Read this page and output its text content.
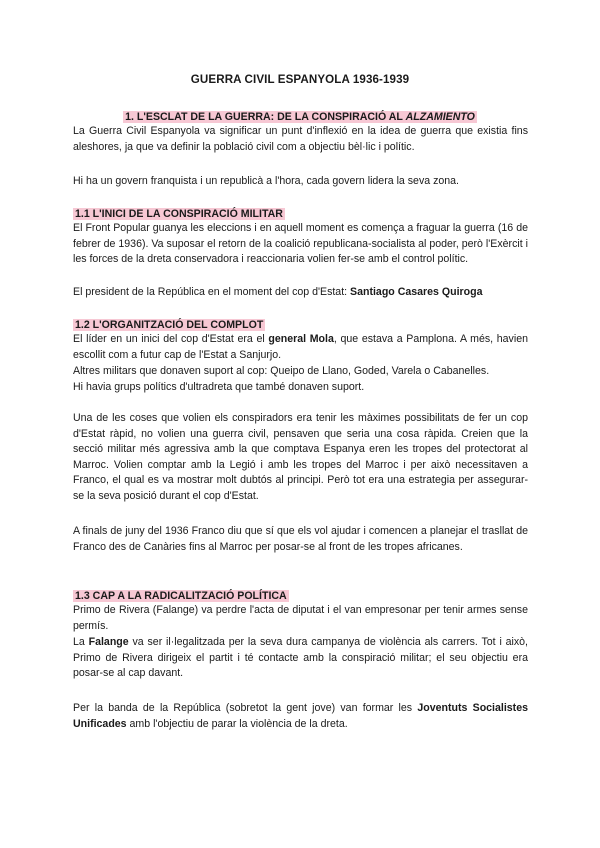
GUERRA CIVIL ESPANYOLA 1936-1939
1. L'ESCLAT DE LA GUERRA: DE LA CONSPIRACIÓ AL ALZAMIENTO

La Guerra Civil Espanyola va significar un punt d'inflexió en la idea de guerra que existia fins aleshores, ja que va definir la població civil com a objectiu bèl·lic i polític.

Hi ha un govern franquista i un republicà a l'hora, cada govern lidera la seva zona.

1.1 L'INICI DE LA CONSPIRACIÓ MILITAR

El Front Popular guanya les eleccions i en aquell moment es comença a fraguar la guerra (16 de febrer de 1936). Va suposar el retorn de la coalició republicana-socialista al poder, però l'Exèrcit i les forces de la dreta conservadora i reaccionaria volien fer-se amb el control polític.

El president de la República en el moment del cop d'Estat: Santiago Casares Quiroga

1.2 L'ORGANITZACIÓ DEL COMPLOT

El líder en un inici del cop d'Estat era el general Mola, que estava a Pamplona. A més, havien escollit com a futur cap de l'Estat a Sanjurjo.

Altres militars que donaven suport al cop: Queipo de Llano, Goded, Varela o Cabanelles.

Hi havia grups polítics d'ultradreta que també donaven suport.

Una de les coses que volien els conspiradors era tenir les màximes possibilitats de fer un cop d'Estat ràpid, no volien una guerra civil, pensaven que seria una cosa ràpida. Creien que la secció militar més agressiva amb la que comptava Espanya eren les tropes del protectorat al Marroc. Volien comptar amb la Legió i amb les tropes del Marroc i per això necessitaven a Franco, el qual es va mostrar molt dubtós al principi. Però tot era una estrategia per assegurar-se la seva posició durant el cop d'Estat.

A finals de juny del 1936 Franco diu que sí que els vol ajudar i comencen a planejar el trasllat de Franco des de Canàries fins al Marroc per posar-se al front de les tropes africanes.

1.3 CAP A LA RADICALITZACIÓ POLÍTICA

Primo de Rivera (Falange) va perdre l'acta de diputat i el van empresonar per tenir armes sense permís.

La Falange va ser il·legalitzada per la seva dura campanya de violència als carrers. Tot i això, Primo de Rivera dirigeix el partit i té contacte amb la conspiració militar; el seu objectiu era posar-se al cap davant.

Per la banda de la República (sobretot la gent jove) van formar les Joventuts Socialistes Unificades amb l'objectiu de parar la violència de la dreta.
